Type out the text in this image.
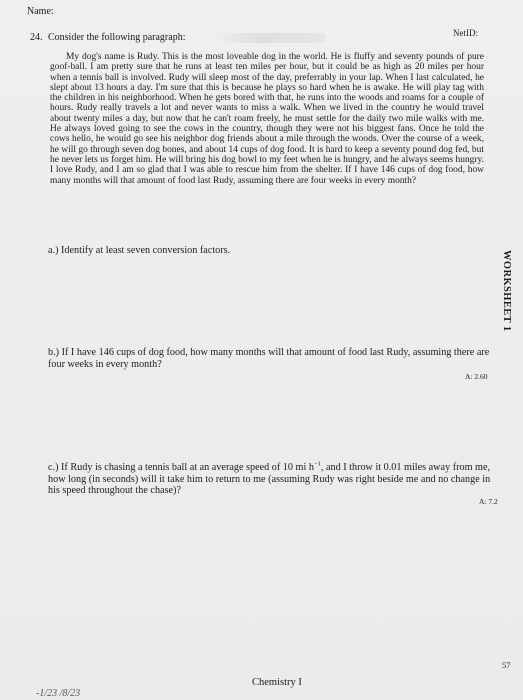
Name:
NetID:
24. Consider the following paragraph:

My dog's name is Rudy. This is the most loveable dog in the world. He is fluffy and seventy pounds of pure goof-ball. I am pretty sure that he runs at least ten miles per hour, but it could be as high as 20 miles per hour when a tennis ball is involved. Rudy will sleep most of the day, preferrably in your lap. When I last calculated, he slept about 13 hours a day. I'm sure that this is because he plays so hard when he is awake. He will play tag with the children in his neighborhood. When he gets bored with that, he runs into the woods and roams for a couple of hours. Rudy really travels a lot and never wants to miss a walk. When we lived in the country he would travel about twenty miles a day, but now that he can't roam freely, he must settle for the daily two mile walks with me. He always loved going to see the cows in the country, though they were not his biggest fans. Once he told the cows hello, he would go see his neighbor dog friends about a mile through the woods. Over the course of a week, he will go through seven dog bones, and about 14 cups of dog food. It is hard to keep a seventy pound dog fed, but he never lets us forget him. He will bring his dog bowl to my feet when he is hungry, and he always seems hungry. I love Rudy, and I am so glad that I was able to rescue him from the shelter. If I have 146 cups of dog food, how many months will that amount of food last Rudy, assuming there are four weeks in every month?

a.) Identify at least seven conversion factors.
b.) If I have 146 cups of dog food, how many months will that amount of food last Rudy, assuming there are four weeks in every month?
A: 2.60
c.) If Rudy is chasing a tennis ball at an average speed of 10 mi $h^{-1}$, and I throw it 0.01 miles away from me, how long (in seconds) will it take him to return to me (assuming Rudy was right beside me and no change in his speed throughout the chase)?
A: 7.2
WORKSHEET 1
57
Chemistry I
-1/23 /8/23
